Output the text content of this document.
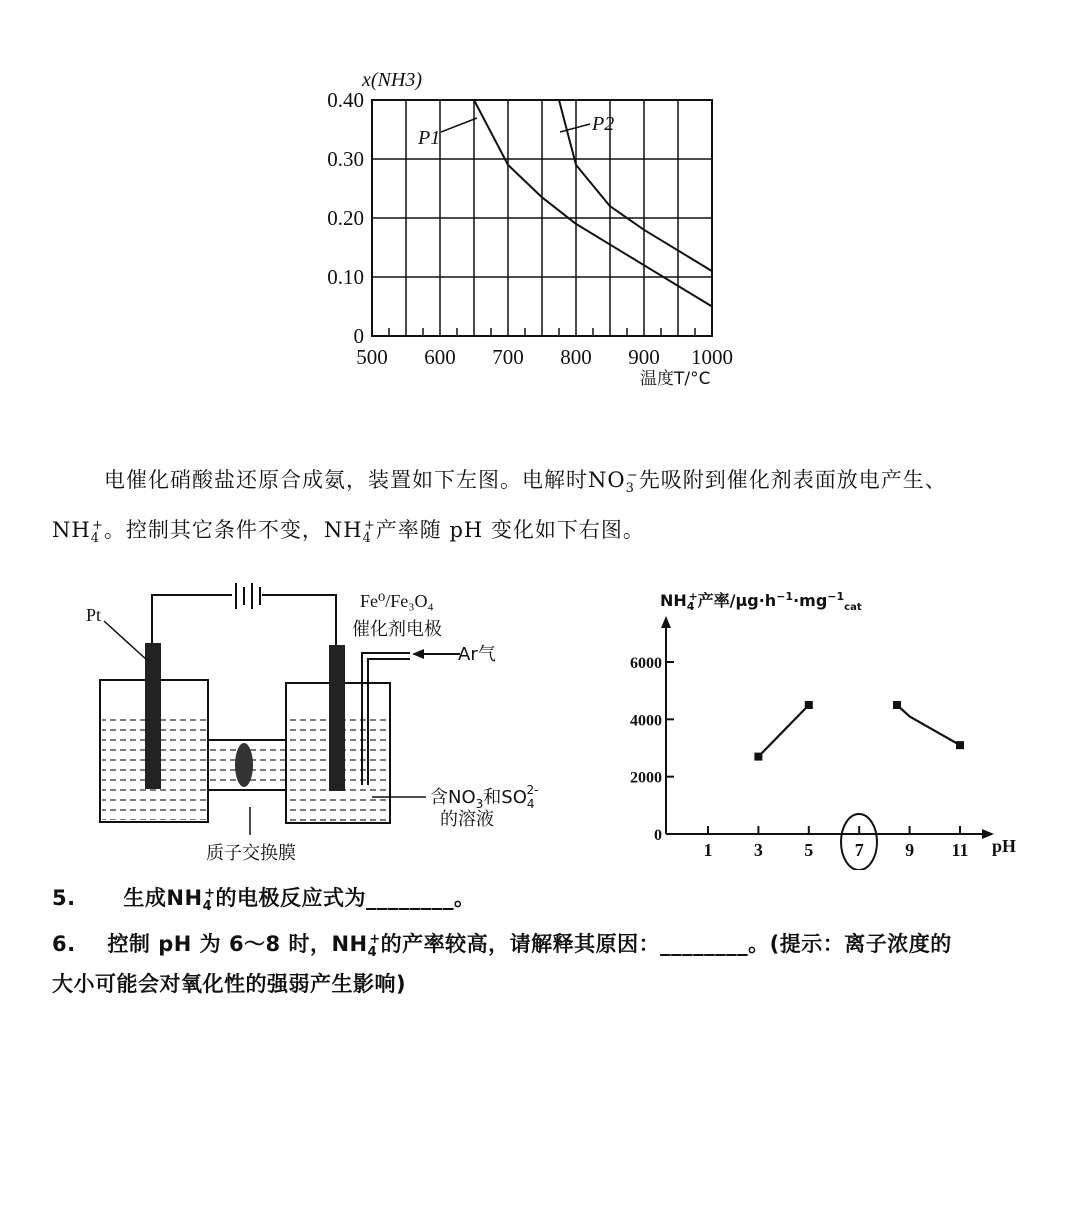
x(NH3)
0
0.10
0.20
0.30
0.40
500 600 700 800 900 1000
温度T/°C
P1
P2
电催化硝酸盐还原合成氨，装置如下左图。电解时$NO_3^-$先吸附到催化剂表面放电产生、
$NH_4^+$。控制其它条件不变，$NH_4^+$产率随 pH 变化如下右图。
Pt
Fe⁰/Fe₃O₄
催化剂电极
Ar气
含$NO_3$和$SO_42-$
的溶液
质子交换膜
$NH_4+$产率$/\mu g\cdot h^{-1}\cdot mg^{-1}_{cat}$
0
2000
4000
6000
1 3 5 7 9 11 pH
5. 生成$NH_4^+$的电极反应式为________。
6. 控制 pH 为 6～8 时，$NH_4^+$的产率较高，请解释其原因：________。(提示：离子浓度的
大小可能会对氧化性的强弱产生影响)
